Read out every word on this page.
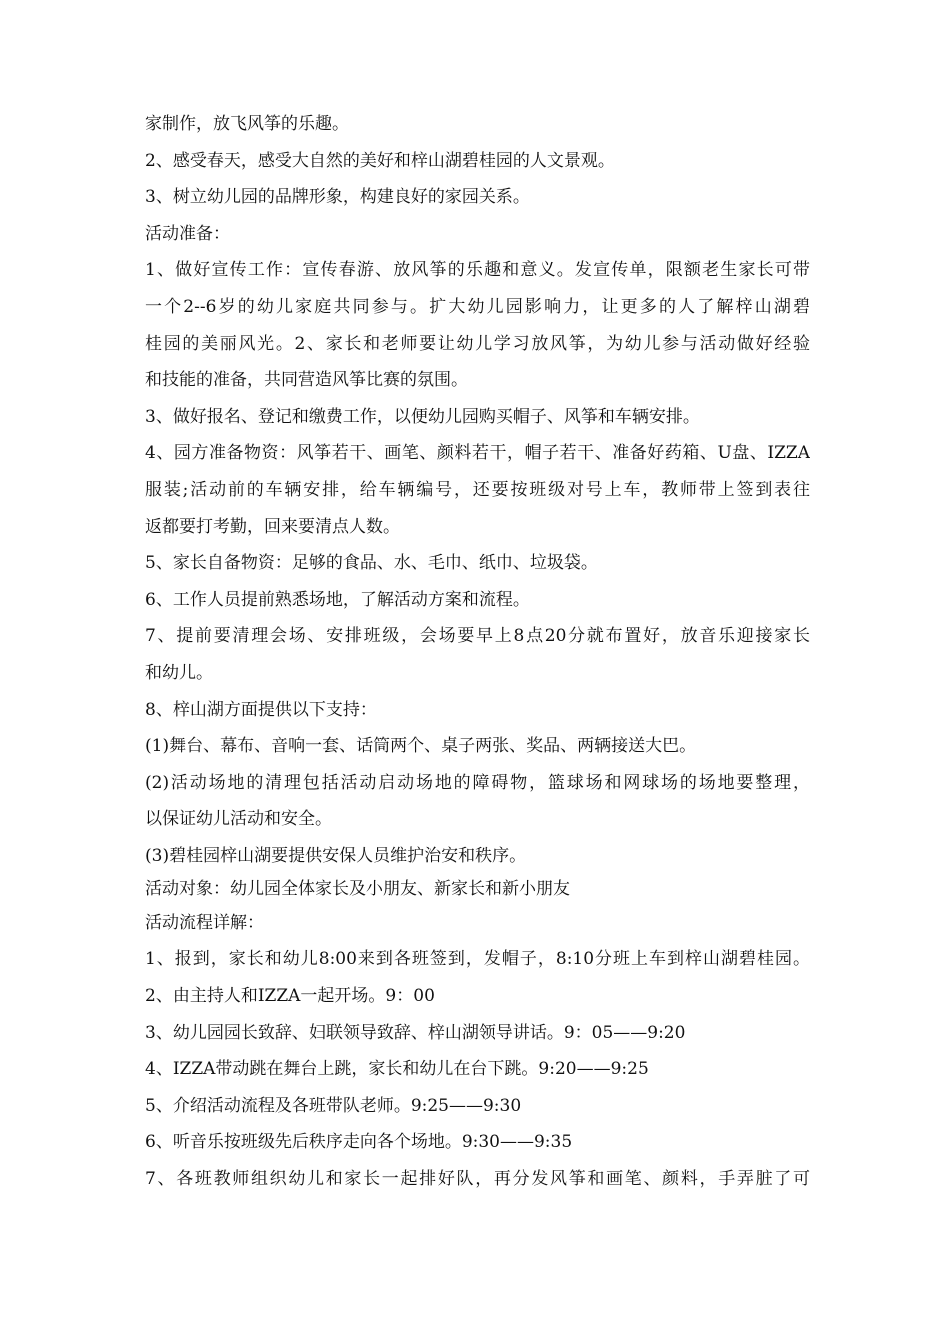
家制作，放飞风筝的乐趣。
2、感受春天，感受大自然的美好和梓山湖碧桂园的人文景观。
3、树立幼儿园的品牌形象，构建良好的家园关系。
活动准备：
1、做好宣传工作：宣传春游、放风筝的乐趣和意义。发宣传单，限额老生家长可带
一个2--6岁的幼儿家庭共同参与。扩大幼儿园影响力，让更多的人了解梓山湖碧
桂园的美丽风光。2、家长和老师要让幼儿学习放风筝，为幼儿参与活动做好经验
和技能的准备，共同营造风筝比赛的氛围。
3、做好报名、登记和缴费工作，以便幼儿园购买帽子、风筝和车辆安排。
4、园方准备物资：风筝若干、画笔、颜料若干，帽子若干、准备好药箱、U盘、IZZA
服装;活动前的车辆安排，给车辆编号，还要按班级对号上车，教师带上签到表往
返都要打考勤，回来要清点人数。
5、家长自备物资：足够的食品、水、毛巾、纸巾、垃圾袋。
6、工作人员提前熟悉场地，了解活动方案和流程。
7、提前要清理会场、安排班级，会场要早上8点20分就布置好，放音乐迎接家长
和幼儿。
8、梓山湖方面提供以下支持：
(1)舞台、幕布、音响一套、话筒两个、桌子两张、奖品、两辆接送大巴。
(2)活动场地的清理包括活动启动场地的障碍物，篮球场和网球场的场地要整理，
以保证幼儿活动和安全。
(3)碧桂园梓山湖要提供安保人员维护治安和秩序。
活动对象：幼儿园全体家长及小朋友、新家长和新小朋友
活动流程详解：
1、报到，家长和幼儿8:00来到各班签到，发帽子，8:10分班上车到梓山湖碧桂园。
2、由主持人和IZZA一起开场。9：00
3、幼儿园园长致辞、妇联领导致辞、梓山湖领导讲话。9：05——9:20
4、IZZA带动跳在舞台上跳，家长和幼儿在台下跳。9:20——9:25
5、介绍活动流程及各班带队老师。9:25——9:30
6、听音乐按班级先后秩序走向各个场地。9:30——9:35
7、各班教师组织幼儿和家长一起排好队，再分发风筝和画笔、颜料，手弄脏了可
